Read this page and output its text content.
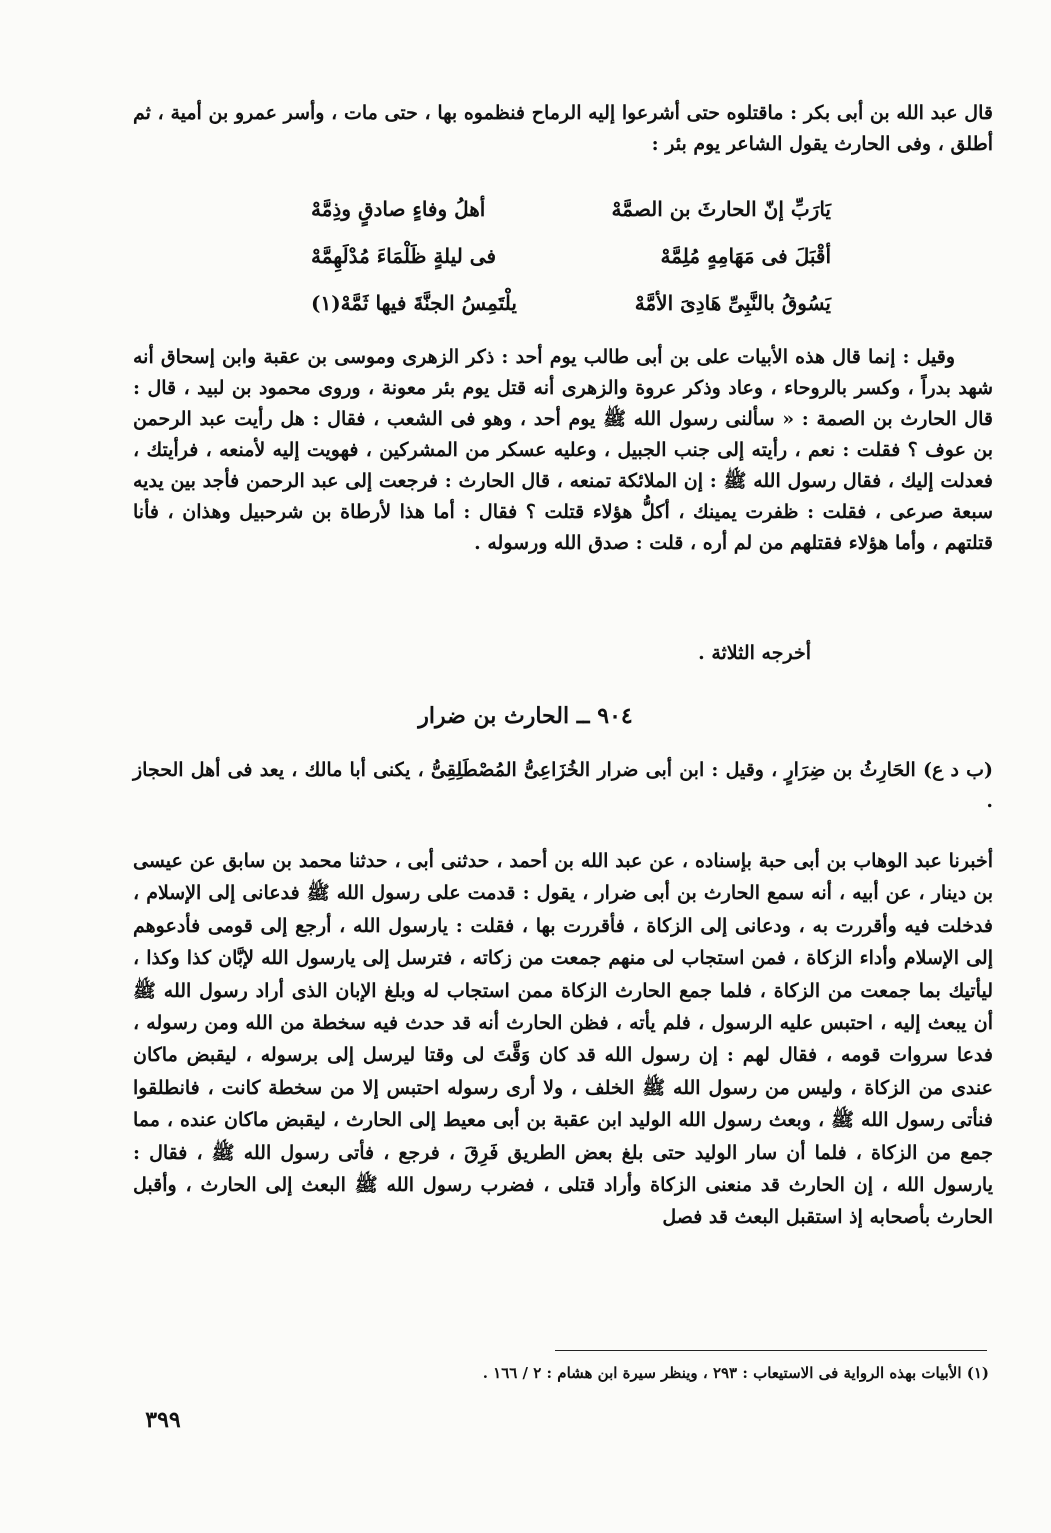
قال عبد الله بن أبى بكر : ماقتلوه حتى أشرعوا إليه الرماح فنظموه بها ، حتى مات ، وأسر عمرو بن أمية ، ثم أطلق ، وفى الحارث يقول الشاعر يوم بئر :

يَارَبِّ إنّ الحارثَ بن الصمَّهْ
أهلُ وفاءٍ صادقٍ وذِمَّهْ
أقْبَلَ فى مَهَامِهٍ مُلِمَّهْ
فى ليلةٍ ظَلْمَاءَ مُدْلَهِمَّهْ
يَسُوقُ بالنَّبِىِّ هَادِىَ الأمَّهْ
يلْتَمِسُ الجنَّةَ فيها ثَمَّهْ(١)

وقيل : إنما قال هذه الأبيات على بن أبى طالب يوم أحد : ذكر الزهرى وموسى بن عقبة وابن إسحاق أنه شهد بدراً ، وكسر بالروحاء ، وعاد وذكر عروة والزهرى أنه قتل يوم بئر معونة ، وروى محمود بن لبيد ، قال : قال الحارث بن الصمة : « سألنى رسول الله ﷺ يوم أحد ، وهو فى الشعب ، فقال : هل رأيت عبد الرحمن بن عوف ؟ فقلت : نعم ، رأيته إلى جنب الجبيل ، وعليه عسكر من المشركين ، فهويت إليه لأمنعه ، فرأيتك ، فعدلت إليك ، فقال رسول الله ﷺ : إن الملائكة تمنعه ، قال الحارث : فرجعت إلى عبد الرحمن فأجد بين يديه سبعة صرعى ، فقلت : ظفرت يمينك ، أكلُّ هؤلاء قتلت ؟ فقال : أما هذا لأرطاة بن شرحبيل وهذان ، فأنا قتلتهم ، وأما هؤلاء فقتلهم من لم أره ، قلت : صدق الله ورسوله .

أخرجه الثلاثة .

٩٠٤ ــ الحارث بن ضرار

(ب د ع) الحَارِثُ بن ضِرَارٍ ، وقيل : ابن أبى ضرار الخُزَاعِىُّ المُصْطَلِقِىُّ ، يكنى أبا مالك ، يعد فى أهل الحجاز .

أخبرنا عبد الوهاب بن أبى حبة بإسناده ، عن عبد الله بن أحمد ، حدثنى أبى ، حدثنا محمد بن سابق عن عيسى بن دينار ، عن أبيه ، أنه سمع الحارث بن أبى ضرار ، يقول : قدمت على رسول الله ﷺ فدعانى إلى الإسلام ، فدخلت فيه وأقررت به ، ودعانى إلى الزكاة ، فأقررت بها ، فقلت : يارسول الله ، أرجع إلى قومى فأدعوهم إلى الإسلام وأداء الزكاة ، فمن استجاب لى منهم جمعت من زكاته ، فترسل إلى يارسول الله لإبَّان كذا وكذا ، ليأتيك بما جمعت من الزكاة ، فلما جمع الحارث الزكاة ممن استجاب له وبلغ الإبان الذى أراد رسول الله ﷺ أن يبعث إليه ، احتبس عليه الرسول ، فلم يأته ، فظن الحارث أنه قد حدث فيه سخطة من الله ومن رسوله ، فدعا سروات قومه ، فقال لهم : إن رسول الله قد كان وَقَّتَ لى وقتا ليرسل إلى برسوله ، ليقبض ماكان عندى من الزكاة ، وليس من رسول الله ﷺ الخلف ، ولا أرى رسوله احتبس إلا من سخطة كانت ، فانطلقوا فنأتى رسول الله ﷺ ، وبعث رسول الله الوليد ابن عقبة بن أبى معيط إلى الحارث ، ليقبض ماكان عنده ، مما جمع من الزكاة ، فلما أن سار الوليد حتى بلغ بعض الطريق فَرِقَ ، فرجع ، فأتى رسول الله ﷺ ، فقال : يارسول الله ، إن الحارث قد منعنى الزكاة وأراد قتلى ، فضرب رسول الله ﷺ البعث إلى الحارث ، وأقبل الحارث بأصحابه إذ استقبل البعث قد فصل

(١) الأبيات بهذه الرواية فى الاستيعاب : ٢٩٣ ، وينظر سيرة ابن هشام : ٢ / ١٦٦ .
٣٩٩
